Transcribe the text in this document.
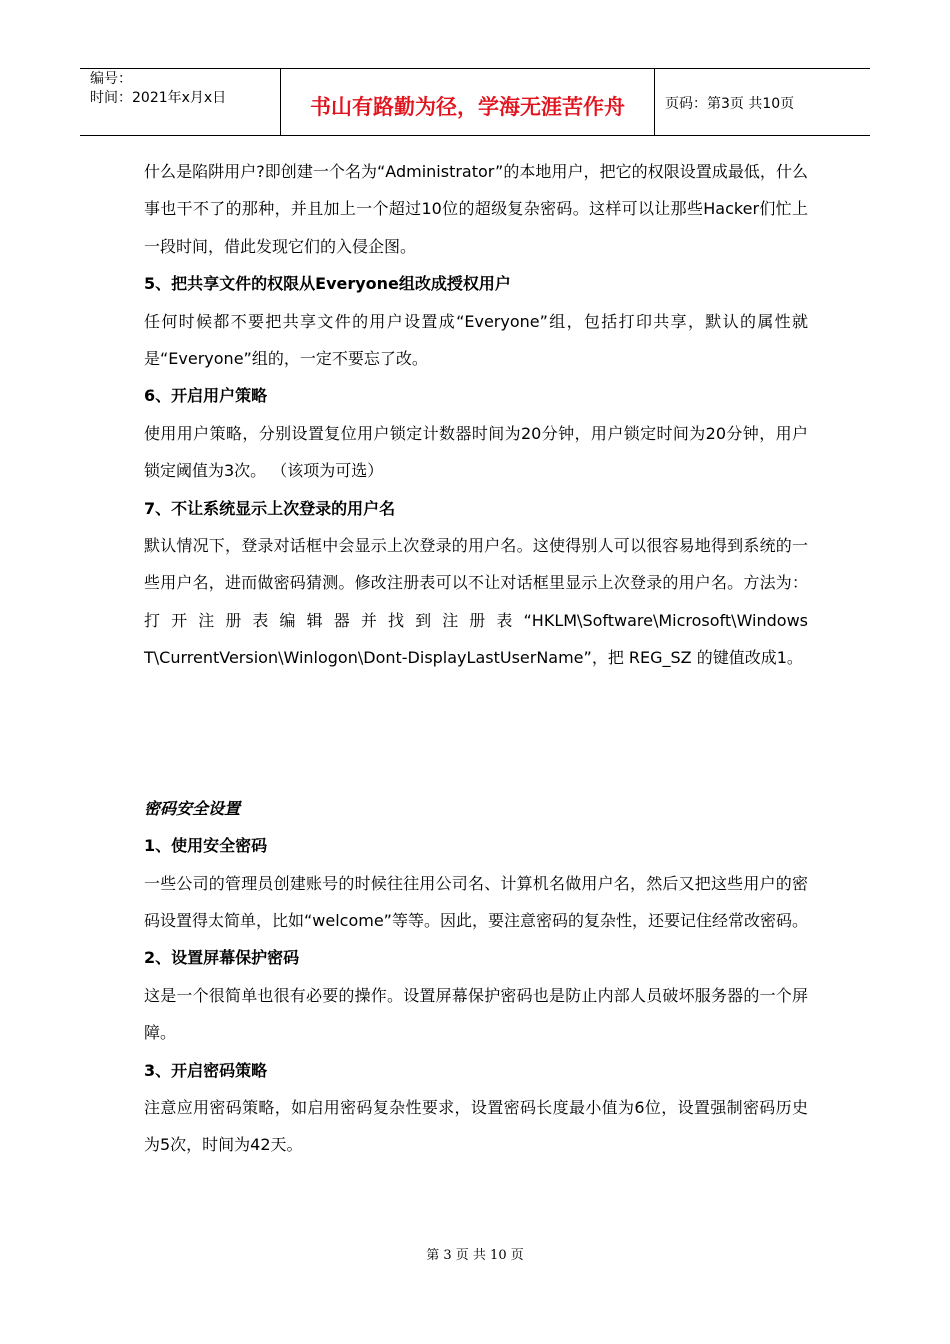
编号：
时间：2021年x月x日	书山有路勤为径，学海无涯苦作舟	页码：第3页 共10页

什么是陷阱用户?即创建一个名为“Administrator”的本地用户，把它的权限设置成最低，什么事也干不了的那种，并且加上一个超过10位的超级复杂密码。这样可以让那些Hacker们忙上一段时间，借此发现它们的入侵企图。

5、把共享文件的权限从Everyone组改成授权用户

任何时候都不要把共享文件的用户设置成“Everyone”组，包括打印共享，默认的属性就是“Everyone”组的，一定不要忘了改。

6、开启用户策略

使用用户策略，分别设置复位用户锁定计数器时间为20分钟，用户锁定时间为20分钟，用户锁定阈值为3次。 （该项为可选）

7、不让系统显示上次登录的用户名

默认情况下，登录对话框中会显示上次登录的用户名。这使得别人可以很容易地得到系统的一些用户名，进而做密码猜测。修改注册表可以不让对话框里显示上次登录的用户名。方法为：打开注册表编辑器并找到注册表“HKLM\Software\Microsoft\Windows T\CurrentVersion\Winlogon\Dont-DisplayLastUserName”，把 REG_SZ 的键值改成1。

密码安全设置
1、使用安全密码

一些公司的管理员创建账号的时候往往用公司名、计算机名做用户名，然后又把这些用户的密码设置得太简单，比如“welcome”等等。因此，要注意密码的复杂性，还要记住经常改密码。

2、设置屏幕保护密码

这是一个很简单也很有必要的操作。设置屏幕保护密码也是防止内部人员破坏服务器的一个屏障。

3、开启密码策略

注意应用密码策略，如启用密码复杂性要求，设置密码长度最小值为6位，设置强制密码历史为5次，时间为42天。

第 3 页 共 10 页
